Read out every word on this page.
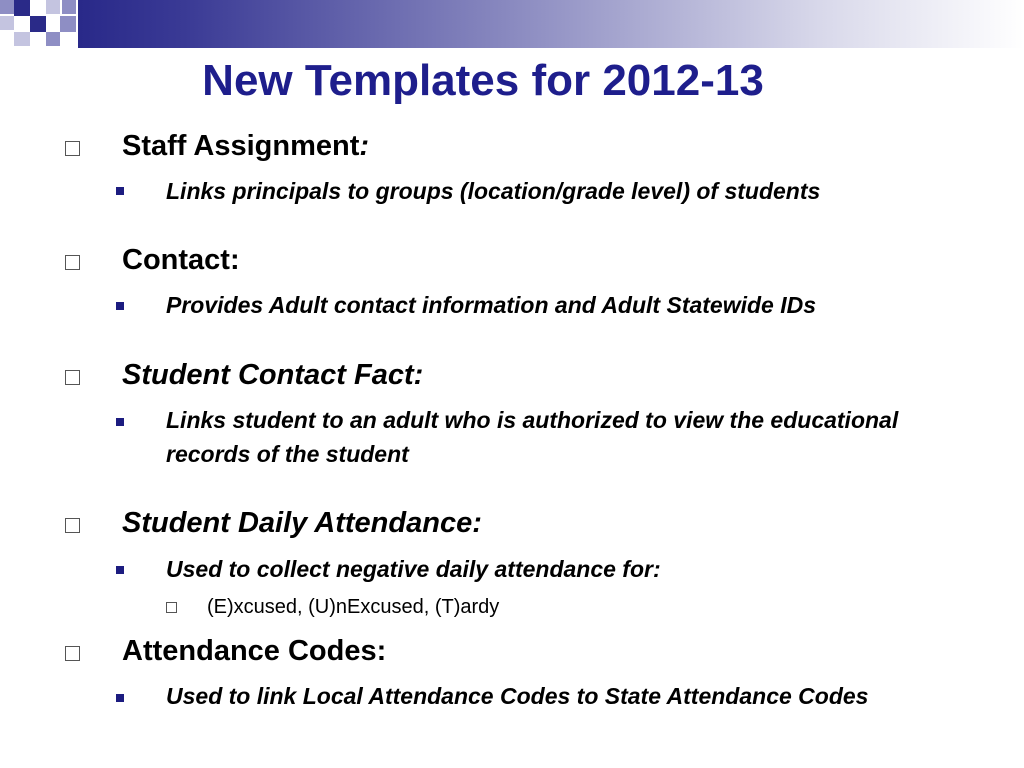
New Templates for 2012-13
Staff Assignment:
Links principals to groups (location/grade level) of students
Contact:
Provides Adult contact information and Adult Statewide IDs
Student Contact Fact:
Links student to an adult who is authorized to view the educational records of the student
Student Daily Attendance:
Used to collect negative daily attendance for:
(E)xcused, (U)nExcused, (T)ardy
Attendance Codes:
Used to link Local Attendance Codes to State Attendance Codes
